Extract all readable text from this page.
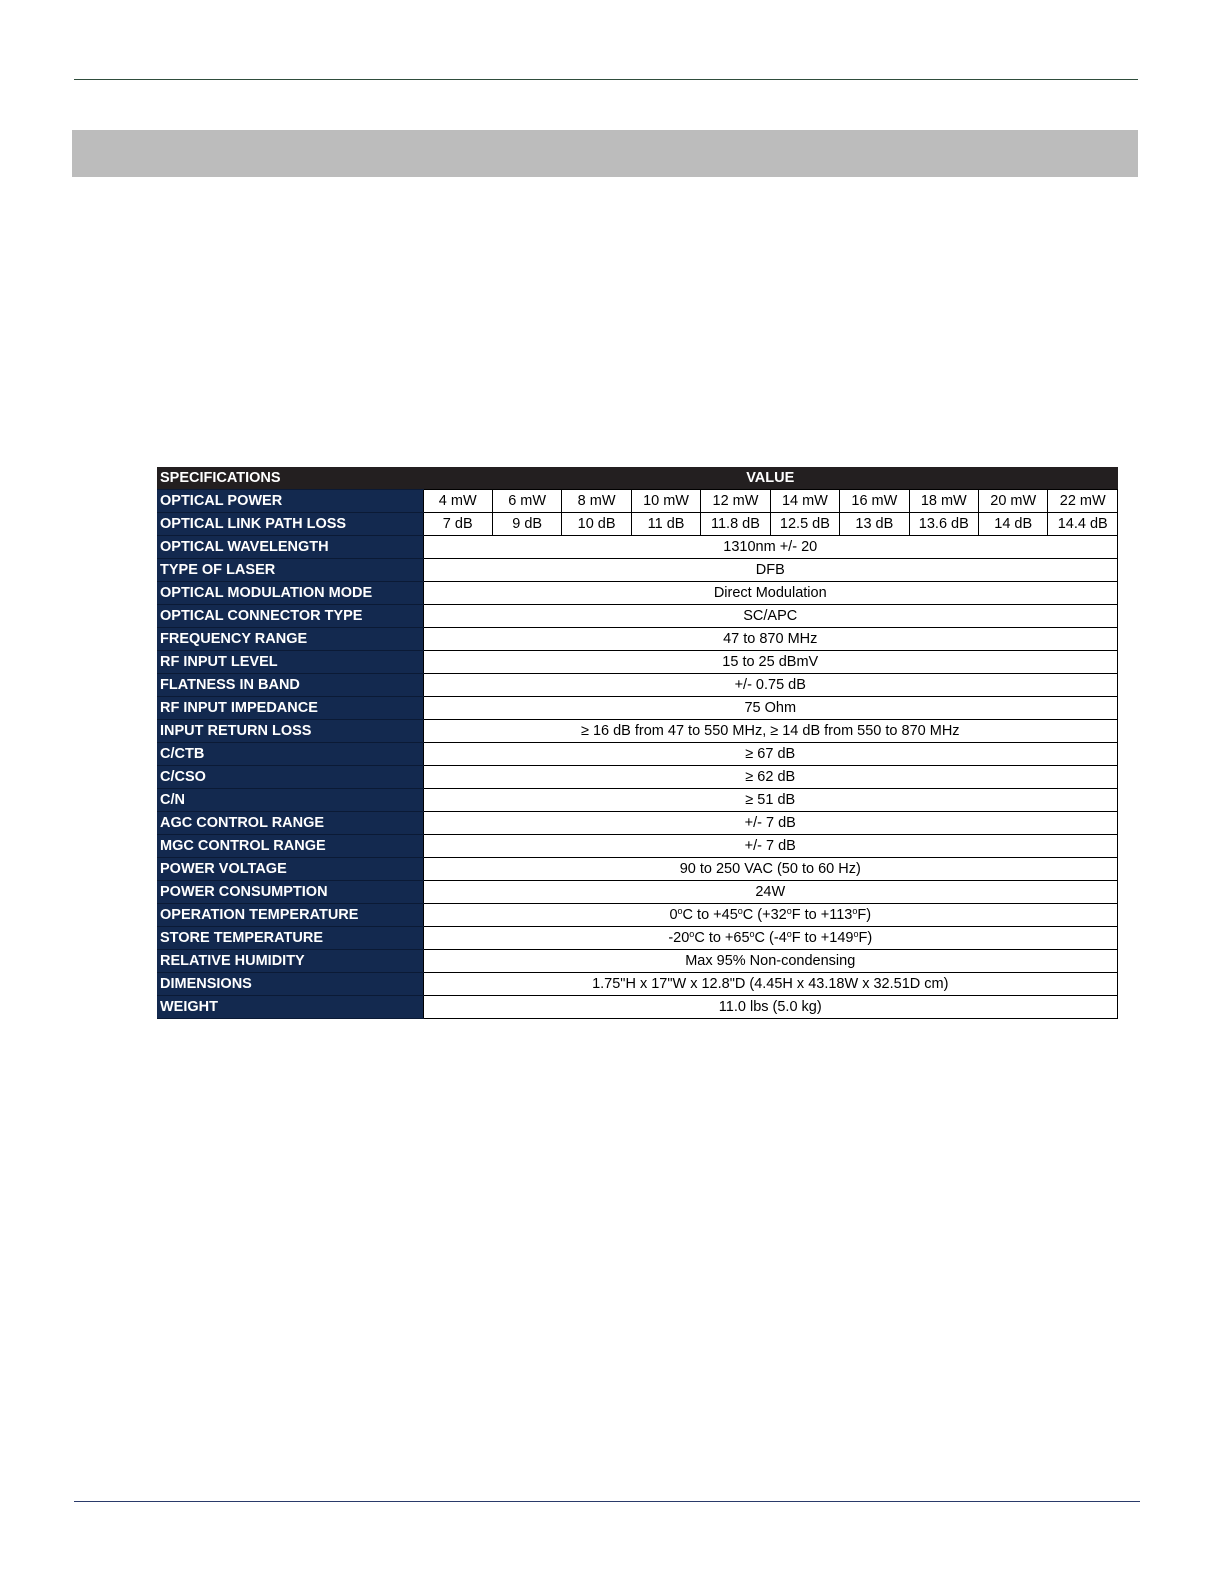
SPECIFICATIONS	VALUE									
OPTICAL POWER	4 mW	6 mW	8 mW	10 mW	12 mW	14 mW	16 mW	18 mW	20 mW	22 mW
OPTICAL LINK PATH LOSS	7 dB	9 dB	10 dB	11 dB	11.8 dB	12.5 dB	13 dB	13.6 dB	14 dB	14.4 dB
OPTICAL WAVELENGTH	1310nm +/- 20									
TYPE OF LASER	DFB									
OPTICAL MODULATION MODE	Direct Modulation									
OPTICAL CONNECTOR TYPE	SC/APC									
FREQUENCY RANGE	47 to 870 MHz									
RF INPUT LEVEL	15 to 25 dBmV									
FLATNESS IN BAND	+/- 0.75 dB									
RF INPUT IMPEDANCE	75 Ohm									
INPUT RETURN LOSS	≥ 16 dB from 47 to 550 MHz, ≥ 14 dB from 550 to 870 MHz									
C/CTB	≥ 67 dB									
C/CSO	≥ 62 dB									
C/N	≥ 51 dB									
AGC CONTROL RANGE	+/- 7 dB									
MGC CONTROL RANGE	+/- 7 dB									
POWER VOLTAGE	90 to 250 VAC (50 to 60 Hz)									
POWER CONSUMPTION	24W									
OPERATION TEMPERATURE	0$^o$C to $+45^oC$ ($+32^oF$ to $+113^oF$)									
STORE TEMPERATURE	-20$^o$C to $+65^oC$ (-4$^o$F to $+149^oF$)									
RELATIVE HUMIDITY	Max 95% Non-condensing									
DIMENSIONS	1.75"H x 17"W x 12.8"D (4.45H x 43.18W x 32.51D cm)									
WEIGHT	11.0 lbs (5.0 kg)									
